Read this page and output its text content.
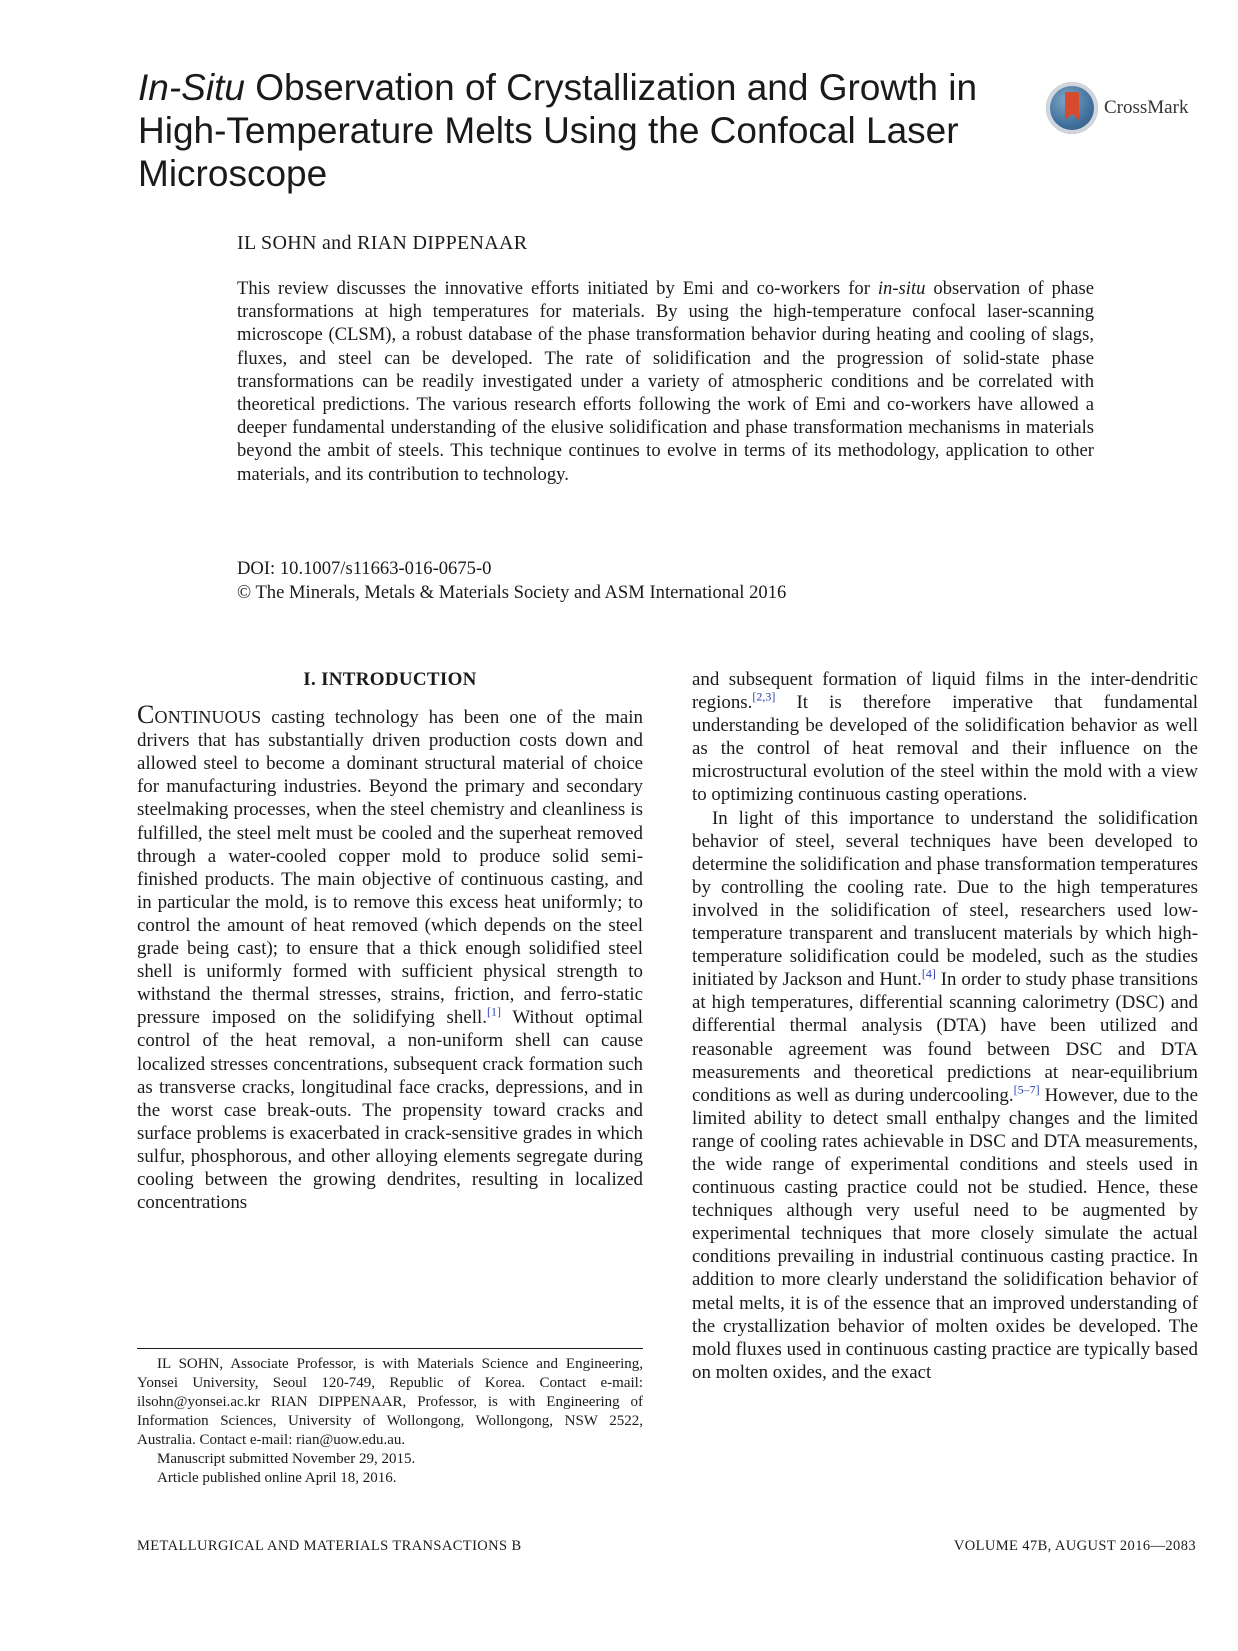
In-Situ Observation of Crystallization and Growth in High-Temperature Melts Using the Confocal Laser Microscope
CrossMark
IL SOHN and RIAN DIPPENAAR

This review discusses the innovative efforts initiated by Emi and co-workers for in-situ observation of phase transformations at high temperatures for materials. By using the high-temperature confocal laser-scanning microscope (CLSM), a robust database of the phase transformation behavior during heating and cooling of slags, fluxes, and steel can be developed. The rate of solidification and the progression of solid-state phase transformations can be readily investigated under a variety of atmospheric conditions and be correlated with theoretical predictions. The various research efforts following the work of Emi and co-workers have allowed a deeper fundamental understanding of the elusive solidification and phase transformation mechanisms in materials beyond the ambit of steels. This technique continues to evolve in terms of its methodology, application to other materials, and its contribution to technology.

DOI: 10.1007/s11663-016-0675-0
© The Minerals, Metals & Materials Society and ASM International 2016
I. INTRODUCTION

Continuous casting technology has been one of the main drivers that has substantially driven production costs down and allowed steel to become a dominant structural material of choice for manufacturing industries. Beyond the primary and secondary steelmaking processes, when the steel chemistry and cleanliness is fulfilled, the steel melt must be cooled and the superheat removed through a water-cooled copper mold to produce solid semi-finished products. The main objective of continuous casting, and in particular the mold, is to remove this excess heat uniformly; to control the amount of heat removed (which depends on the steel grade being cast); to ensure that a thick enough solidified steel shell is uniformly formed with sufficient physical strength to withstand the thermal stresses, strains, friction, and ferro-static pressure imposed on the solidifying shell.[1] Without optimal control of the heat removal, a non-uniform shell can cause localized stresses concentrations, subsequent crack formation such as transverse cracks, longitudinal face cracks, depressions, and in the worst case break-outs. The propensity toward cracks and surface problems is exacerbated in crack-sensitive grades in which sulfur, phosphorous, and other alloying elements segregate during cooling between the growing dendrites, resulting in localized concentrations

and subsequent formation of liquid films in the inter-dendritic regions.[2,3] It is therefore imperative that fundamental understanding be developed of the solidification behavior as well as the control of heat removal and their influence on the microstructural evolution of the steel within the mold with a view to optimizing continuous casting operations.

In light of this importance to understand the solidification behavior of steel, several techniques have been developed to determine the solidification and phase transformation temperatures by controlling the cooling rate. Due to the high temperatures involved in the solidification of steel, researchers used low-temperature transparent and translucent materials by which high-temperature solidification could be modeled, such as the studies initiated by Jackson and Hunt.[4] In order to study phase transitions at high temperatures, differential scanning calorimetry (DSC) and differential thermal analysis (DTA) have been utilized and reasonable agreement was found between DSC and DTA measurements and theoretical predictions at near-equilibrium conditions as well as during undercooling.[5–7] However, due to the limited ability to detect small enthalpy changes and the limited range of cooling rates achievable in DSC and DTA measurements, the wide range of experimental conditions and steels used in continuous casting practice could not be studied. Hence, these techniques although very useful need to be augmented by experimental techniques that more closely simulate the actual conditions prevailing in industrial continuous casting practice. In addition to more clearly understand the solidification behavior of metal melts, it is of the essence that an improved understanding of the crystallization behavior of molten oxides be developed. The mold fluxes used in continuous casting practice are typically based on molten oxides, and the exact

IL SOHN, Associate Professor, is with Materials Science and Engineering, Yonsei University, Seoul 120-749, Republic of Korea. Contact e-mail: ilsohn@yonsei.ac.kr RIAN DIPPENAAR, Professor, is with Engineering of Information Sciences, University of Wollongong, Wollongong, NSW 2522, Australia. Contact e-mail: rian@uow.edu.au.

Manuscript submitted November 29, 2015.

Article published online April 18, 2016.

METALLURGICAL AND MATERIALS TRANSACTIONS B	VOLUME 47B, AUGUST 2016—2083
